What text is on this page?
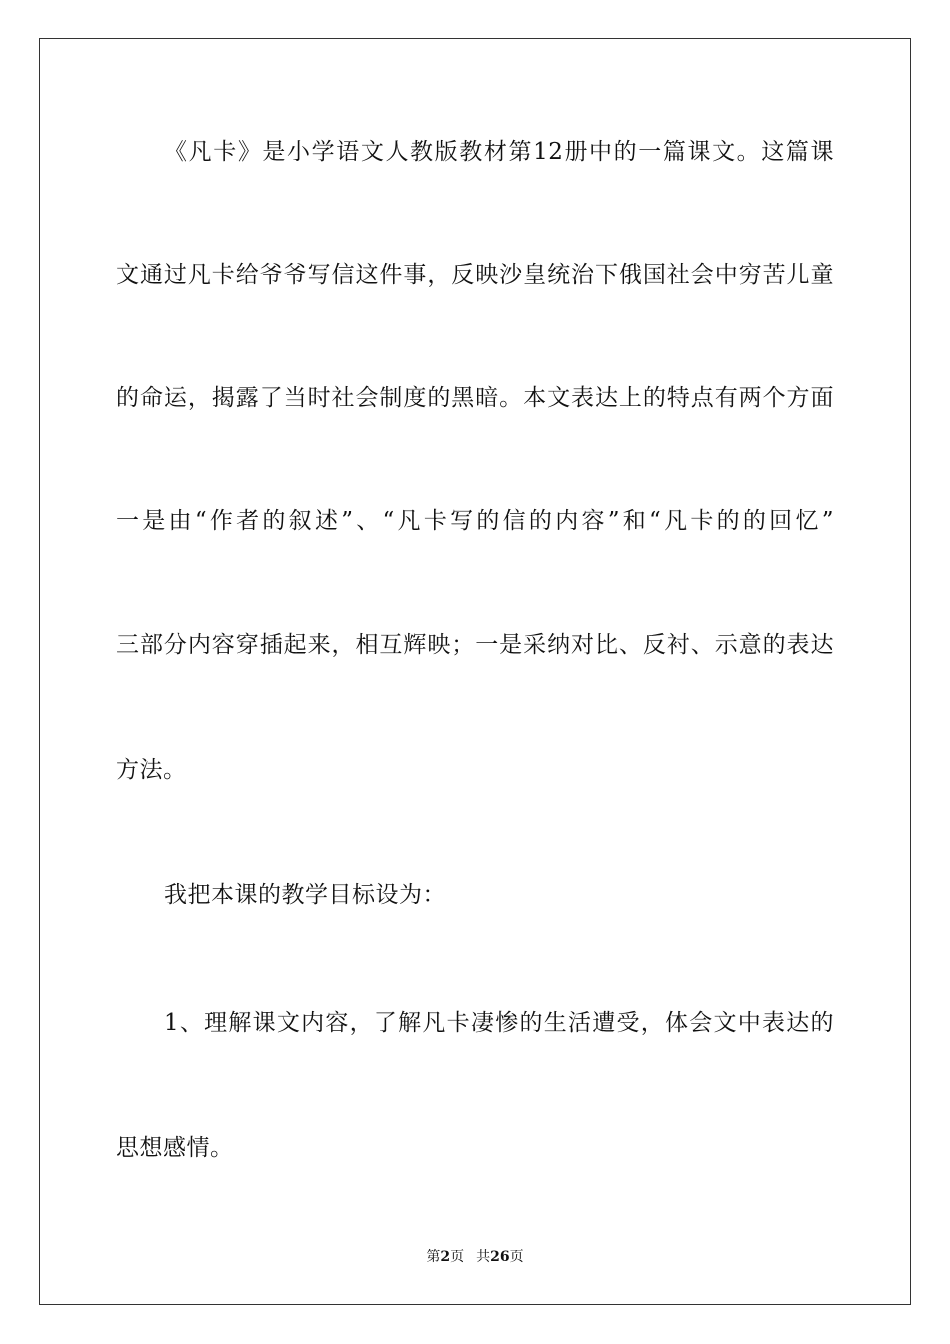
《凡卡》是小学语文人教版教材第12册中的一篇课文。这篇课
文通过凡卡给爷爷写信这件事，反映沙皇统治下俄国社会中穷苦儿童
的命运，揭露了当时社会制度的黑暗。本文表达上的特点有两个方面
一是由“作者的叙述”、“凡卡写的信的内容”和“凡卡的的回忆”
三部分内容穿插起来，相互辉映；一是采纳对比、反衬、示意的表达
方法。
我把本课的教学目标设为：
1、理解课文内容，了解凡卡凄惨的生活遭受，体会文中表达的
思想感情。
第2页 共26页
